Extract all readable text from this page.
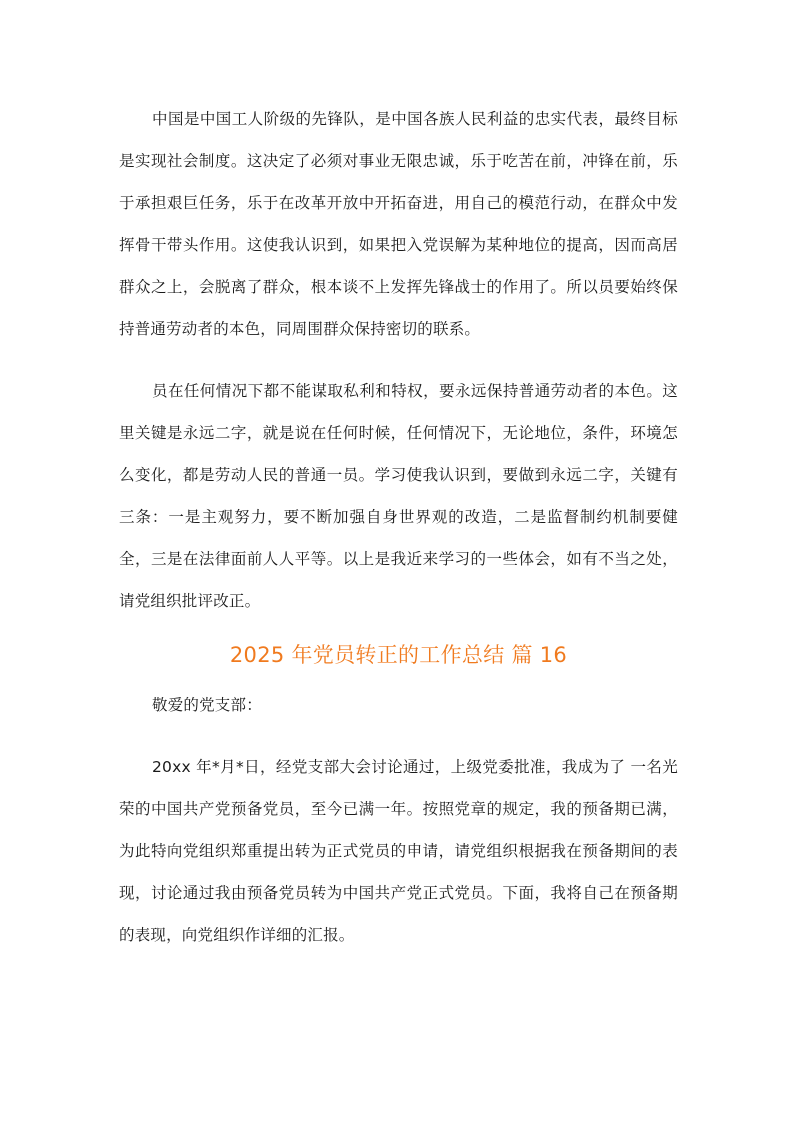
中国是中国工人阶级的先锋队，是中国各族人民利益的忠实代表，最终目标是实现社会制度。这决定了必须对事业无限忠诚，乐于吃苦在前，冲锋在前，乐于承担艰巨任务，乐于在改革开放中开拓奋进，用自己的模范行动，在群众中发挥骨干带头作用。这使我认识到，如果把入党误解为某种地位的提高，因而高居群众之上，会脱离了群众，根本谈不上发挥先锋战士的作用了。所以员要始终保持普通劳动者的本色，同周围群众保持密切的联系。

员在任何情况下都不能谋取私利和特权，要永远保持普通劳动者的本色。这里关键是永远二字，就是说在任何时候，任何情况下，无论地位，条件，环境怎么变化，都是劳动人民的普通一员。学习使我认识到，要做到永远二字，关键有三条：一是主观努力，要不断加强自身世界观的改造，二是监督制约机制要健全，三是在法律面前人人平等。以上是我近来学习的一些体会，如有不当之处，请党组织批评改正。

2025 年党员转正的工作总结 篇 16

敬爱的党支部：

20xx 年*月*日，经党支部大会讨论通过，上级党委批准，我成为了 一名光荣的中国共产党预备党员，至今已满一年。按照党章的规定，我的预备期已满，为此特向党组织郑重提出转为正式党员的申请，请党组织根据我在预备期间的表现，讨论通过我由预备党员转为中国共产党正式党员。下面，我将自己在预备期的表现，向党组织作详细的汇报。
